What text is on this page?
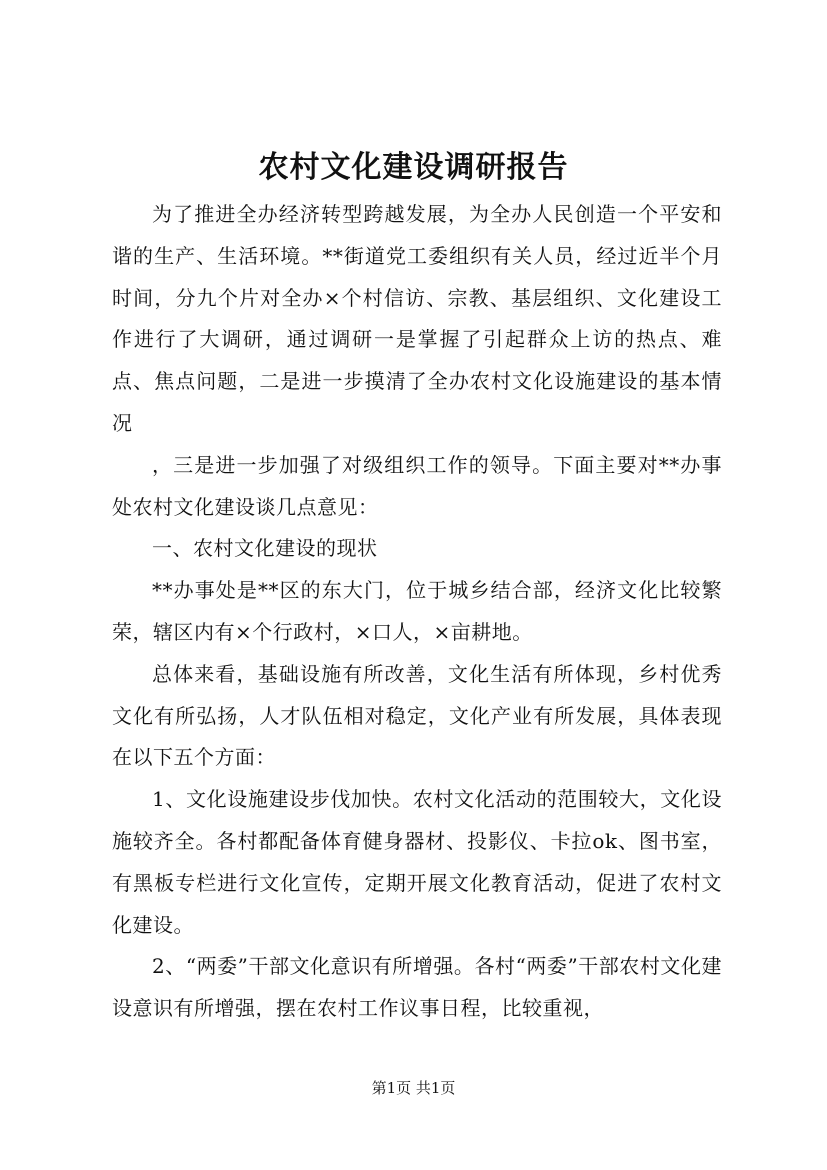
农村文化建设调研报告

为了推进全办经济转型跨越发展，为全办人民创造一个平安和谐的生产、生活环境。**街道党工委组织有关人员，经过近半个月时间，分九个片对全办×个村信访、宗教、基层组织、文化建设工作进行了大调研，通过调研一是掌握了引起群众上访的热点、难点、焦点问题，二是进一步摸清了全办农村文化设施建设的基本情况

，三是进一步加强了对级组织工作的领导。下面主要对**办事处农村文化建设谈几点意见：

一、农村文化建设的现状

**办事处是**区的东大门，位于城乡结合部，经济文化比较繁荣，辖区内有×个行政村，×口人，×亩耕地。

总体来看，基础设施有所改善，文化生活有所体现，乡村优秀文化有所弘扬，人才队伍相对稳定，文化产业有所发展，具体表现在以下五个方面：

1、文化设施建设步伐加快。农村文化活动的范围较大，文化设施较齐全。各村都配备体育健身器材、投影仪、卡拉ok、图书室，有黑板专栏进行文化宣传，定期开展文化教育活动，促进了农村文化建设。

2、“两委”干部文化意识有所增强。各村“两委”干部农村文化建设意识有所增强，摆在农村工作议事日程，比较重视，

第1页 共1页
